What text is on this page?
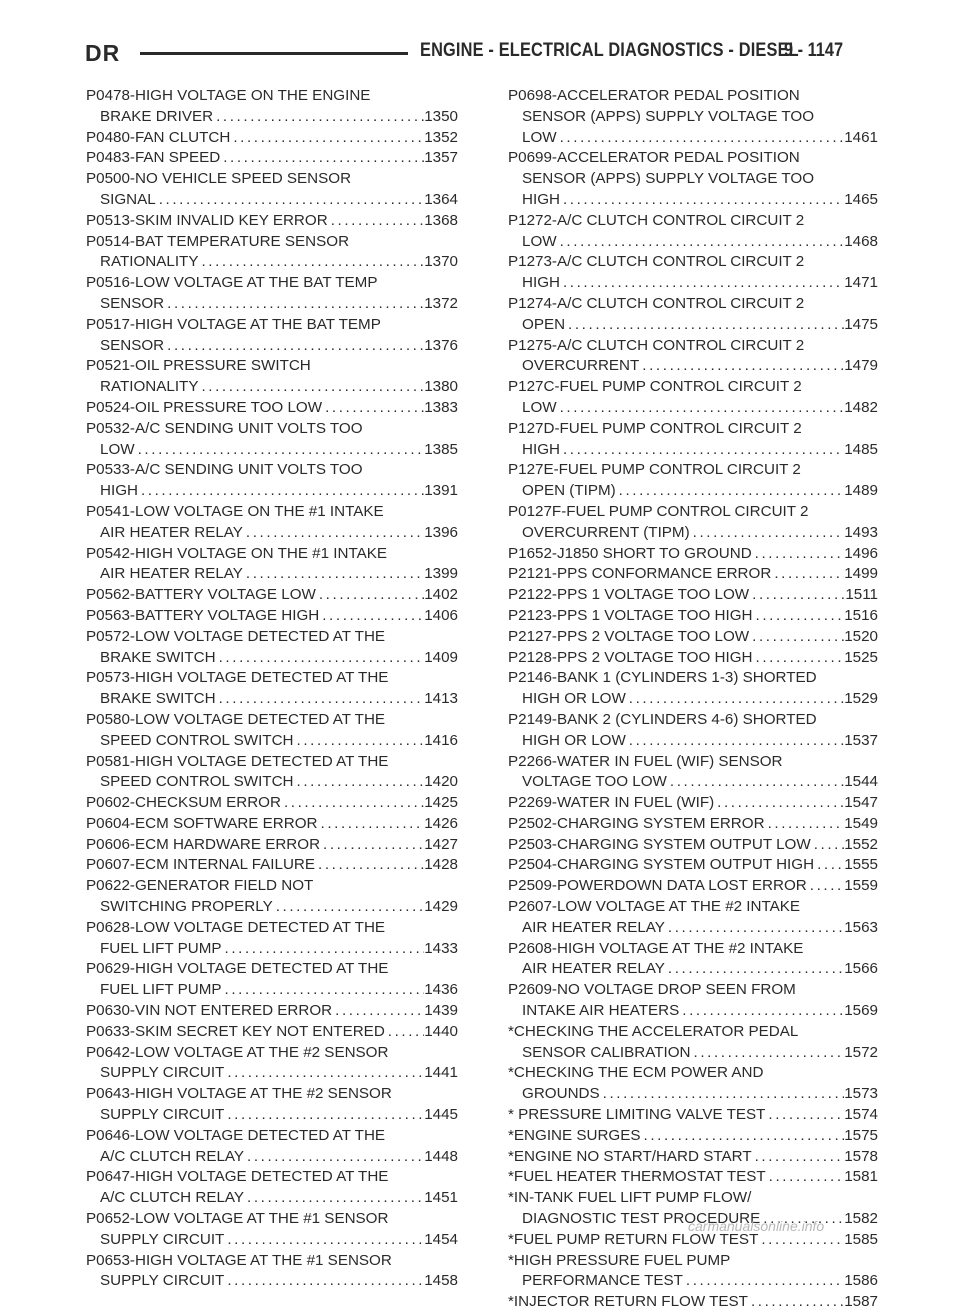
DR	ENGINE - ELECTRICAL DIAGNOSTICS - DIESEL
9 - 1147
P0478-HIGH VOLTAGE ON THE ENGINE
BRAKE DRIVER .....	1350
P0480-FAN CLUTCH .....	1352
P0483-FAN SPEED .....	1357
P0500-NO VEHICLE SPEED SENSOR
SIGNAL .....	1364
P0513-SKIM INVALID KEY ERROR .....	1368
P0514-BAT TEMPERATURE SENSOR
RATIONALITY .....	1370
P0516-LOW VOLTAGE AT THE BAT TEMP
SENSOR .....	1372
P0517-HIGH VOLTAGE AT THE BAT TEMP
SENSOR .....	1376
P0521-OIL PRESSURE SWITCH
RATIONALITY .....	1380
P0524-OIL PRESSURE TOO LOW .....	1383
P0532-A/C SENDING UNIT VOLTS TOO
LOW .....	1385
P0533-A/C SENDING UNIT VOLTS TOO
HIGH .....	1391
P0541-LOW VOLTAGE ON THE #1 INTAKE
AIR HEATER RELAY .....	1396
P0542-HIGH VOLTAGE ON THE #1 INTAKE
AIR HEATER RELAY .....	1399
P0562-BATTERY VOLTAGE LOW .....	1402
P0563-BATTERY VOLTAGE HIGH .....	1406
P0572-LOW VOLTAGE DETECTED AT THE
BRAKE SWITCH .....	1409
P0573-HIGH VOLTAGE DETECTED AT THE
BRAKE SWITCH .....	1413
P0580-LOW VOLTAGE DETECTED AT THE
SPEED CONTROL SWITCH .....	1416
P0581-HIGH VOLTAGE DETECTED AT THE
SPEED CONTROL SWITCH .....	1420
P0602-CHECKSUM ERROR .....	1425
P0604-ECM SOFTWARE ERROR .....	1426
P0606-ECM HARDWARE ERROR .....	1427
P0607-ECM INTERNAL FAILURE .....	1428
P0622-GENERATOR FIELD NOT
SWITCHING PROPERLY .....	1429
P0628-LOW VOLTAGE DETECTED AT THE
FUEL LIFT PUMP .....	1433
P0629-HIGH VOLTAGE DETECTED AT THE
FUEL LIFT PUMP .....	1436
P0630-VIN NOT ENTERED ERROR .....	1439
P0633-SKIM SECRET KEY NOT ENTERED .....	1440
P0642-LOW VOLTAGE AT THE #2 SENSOR
SUPPLY CIRCUIT .....	1441
P0643-HIGH VOLTAGE AT THE #2 SENSOR
SUPPLY CIRCUIT .....	1445
P0646-LOW VOLTAGE DETECTED AT THE
A/C CLUTCH RELAY .....	1448
P0647-HIGH VOLTAGE DETECTED AT THE
A/C CLUTCH RELAY .....	1451
P0652-LOW VOLTAGE AT THE #1 SENSOR
SUPPLY CIRCUIT .....	1454
P0653-HIGH VOLTAGE AT THE #1 SENSOR
SUPPLY CIRCUIT .....	1458
P0698-ACCELERATOR PEDAL POSITION
SENSOR (APPS) SUPPLY VOLTAGE TOO
LOW .....	1461
P0699-ACCELERATOR PEDAL POSITION
SENSOR (APPS) SUPPLY VOLTAGE TOO
HIGH .....	1465
P1272-A/C CLUTCH CONTROL CIRCUIT 2
LOW .....	1468
P1273-A/C CLUTCH CONTROL CIRCUIT 2
HIGH .....	1471
P1274-A/C CLUTCH CONTROL CIRCUIT 2
OPEN .....	1475
P1275-A/C CLUTCH CONTROL CIRCUIT 2
OVERCURRENT .....	1479
P127C-FUEL PUMP CONTROL CIRCUIT 2
LOW .....	1482
P127D-FUEL PUMP CONTROL CIRCUIT 2
HIGH .....	1485
P127E-FUEL PUMP CONTROL CIRCUIT 2
OPEN (TIPM) .....	1489
P0127F-FUEL PUMP CONTROL CIRCUIT 2
OVERCURRENT (TIPM) .....	1493
P1652-J1850 SHORT TO GROUND .....	1496
P2121-PPS CONFORMANCE ERROR .....	1499
P2122-PPS 1 VOLTAGE TOO LOW .....	1511
P2123-PPS 1 VOLTAGE TOO HIGH .....	1516
P2127-PPS 2 VOLTAGE TOO LOW .....	1520
P2128-PPS 2 VOLTAGE TOO HIGH .....	1525
P2146-BANK 1 (CYLINDERS 1-3) SHORTED
HIGH OR LOW .....	1529
P2149-BANK 2 (CYLINDERS 4-6) SHORTED
HIGH OR LOW .....	1537
P2266-WATER IN FUEL (WIF) SENSOR
VOLTAGE TOO LOW .....	1544
P2269-WATER IN FUEL (WIF) .....	1547
P2502-CHARGING SYSTEM ERROR .....	1549
P2503-CHARGING SYSTEM OUTPUT LOW ..... 1552
P2504-CHARGING SYSTEM OUTPUT HIGH ..... 1555
P2509-POWERDOWN DATA LOST ERROR ..... 1559
P2607-LOW VOLTAGE AT THE #2 INTAKE
AIR HEATER RELAY .....	1563
P2608-HIGH VOLTAGE AT THE #2 INTAKE
AIR HEATER RELAY .....	1566
P2609-NO VOLTAGE DROP SEEN FROM
INTAKE AIR HEATERS .....	1569
*CHECKING THE ACCELERATOR PEDAL
SENSOR CALIBRATION .....	1572
*CHECKING THE ECM POWER AND
GROUNDS .....	1573
* PRESSURE LIMITING VALVE TEST .....	1574
*ENGINE SURGES .....	1575
*ENGINE NO START/HARD START .....	1578
*FUEL HEATER THERMOSTAT TEST .....	1581
*IN-TANK FUEL LIFT PUMP FLOW/
DIAGNOSTIC TEST PROCEDURE .....	1582
*FUEL PUMP RETURN FLOW TEST .....	1585
*HIGH PRESSURE FUEL PUMP
PERFORMANCE TEST .....	1586
*INJECTOR RETURN FLOW TEST .....	1587
carmanualsonline.info
